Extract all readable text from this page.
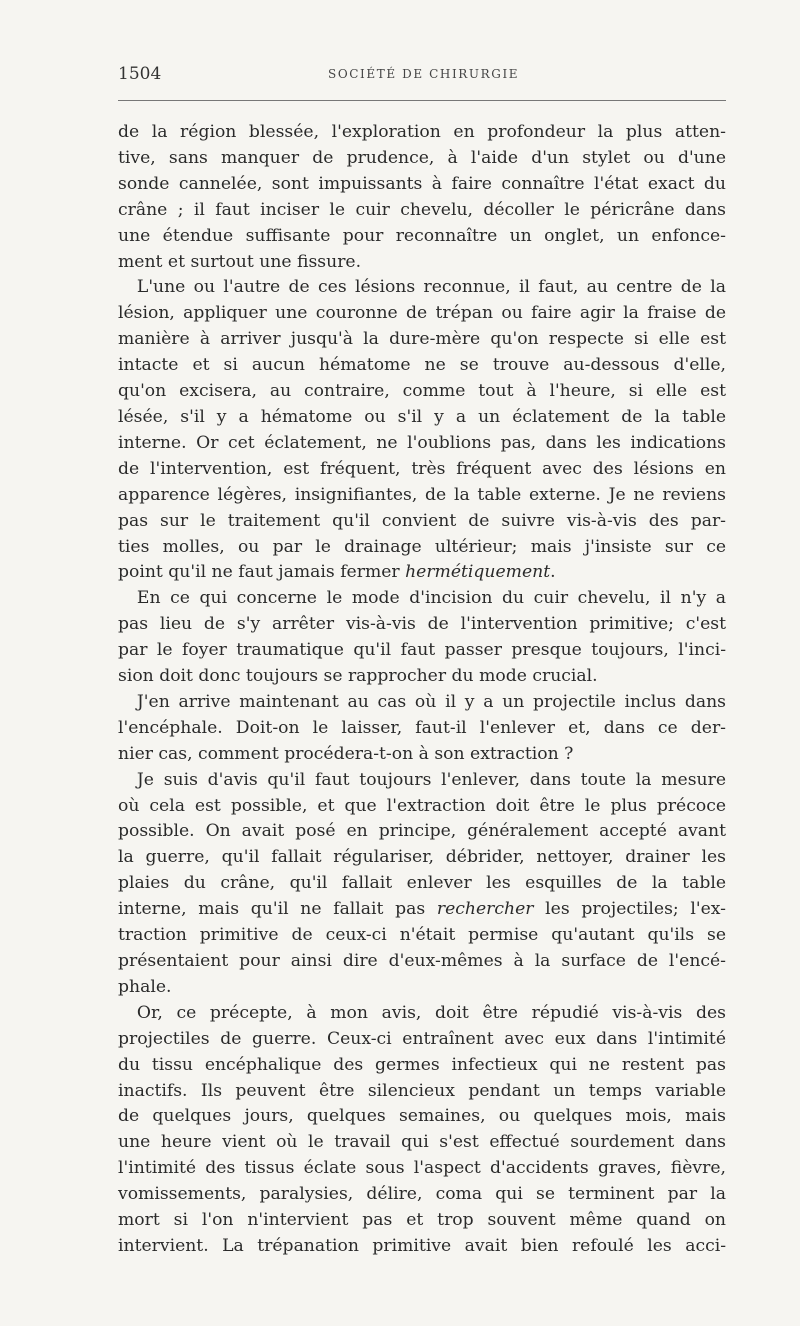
1504	SOCIÉTÉ DE CHIRURGIE
de la région blessée, l'exploration en profondeur la plus atten-
tive, sans manquer de prudence, à l'aide d'un stylet ou d'une
sonde cannelée, sont impuissants à faire connaître l'état exact du
crâne ; il faut inciser le cuir chevelu, décoller le péricrâne dans
une étendue suffisante pour reconnaître un onglet, un enfonce-
ment et surtout une fissure.
L'une ou l'autre de ces lésions reconnue, il faut, au centre de la
lésion, appliquer une couronne de trépan ou faire agir la fraise de
manière à arriver jusqu'à la dure-mère qu'on respecte si elle est
intacte et si aucun hématome ne se trouve au-dessous d'elle,
qu'on excisera, au contraire, comme tout à l'heure, si elle est
lésée, s'il y a hématome ou s'il y a un éclatement de la table
interne. Or cet éclatement, ne l'oublions pas, dans les indications
de l'intervention, est fréquent, très fréquent avec des lésions en
apparence légères, insignifiantes, de la table externe. Je ne reviens
pas sur le traitement qu'il convient de suivre vis-à-vis des par-
ties molles, ou par le drainage ultérieur; mais j'insiste sur ce
point qu'il ne faut jamais fermer hermétiquement.
En ce qui concerne le mode d'incision du cuir chevelu, il n'y a
pas lieu de s'y arrêter vis-à-vis de l'intervention primitive; c'est
par le foyer traumatique qu'il faut passer presque toujours, l'inci-
sion doit donc toujours se rapprocher du mode crucial.
J'en arrive maintenant au cas où il y a un projectile inclus dans
l'encéphale. Doit-on le laisser, faut-il l'enlever et, dans ce der-
nier cas, comment procédera-t-on à son extraction ?
Je suis d'avis qu'il faut toujours l'enlever, dans toute la mesure
où cela est possible, et que l'extraction doit être le plus précoce
possible. On avait posé en principe, généralement accepté avant
la guerre, qu'il fallait régulariser, débrider, nettoyer, drainer les
plaies du crâne, qu'il fallait enlever les esquilles de la table
interne, mais qu'il ne fallait pas rechercher les projectiles; l'ex-
traction primitive de ceux-ci n'était permise qu'autant qu'ils se
présentaient pour ainsi dire d'eux-mêmes à la surface de l'encé-
phale.
Or, ce précepte, à mon avis, doit être répudié vis-à-vis des
projectiles de guerre. Ceux-ci entraînent avec eux dans l'intimité
du tissu encéphalique des germes infectieux qui ne restent pas
inactifs. Ils peuvent être silencieux pendant un temps variable
de quelques jours, quelques semaines, ou quelques mois, mais
une heure vient où le travail qui s'est effectué sourdement dans
l'intimité des tissus éclate sous l'aspect d'accidents graves, fièvre,
vomissements, paralysies, délire, coma qui se terminent par la
mort si l'on n'intervient pas et trop souvent même quand on
intervient. La trépanation primitive avait bien refoulé les acci-
